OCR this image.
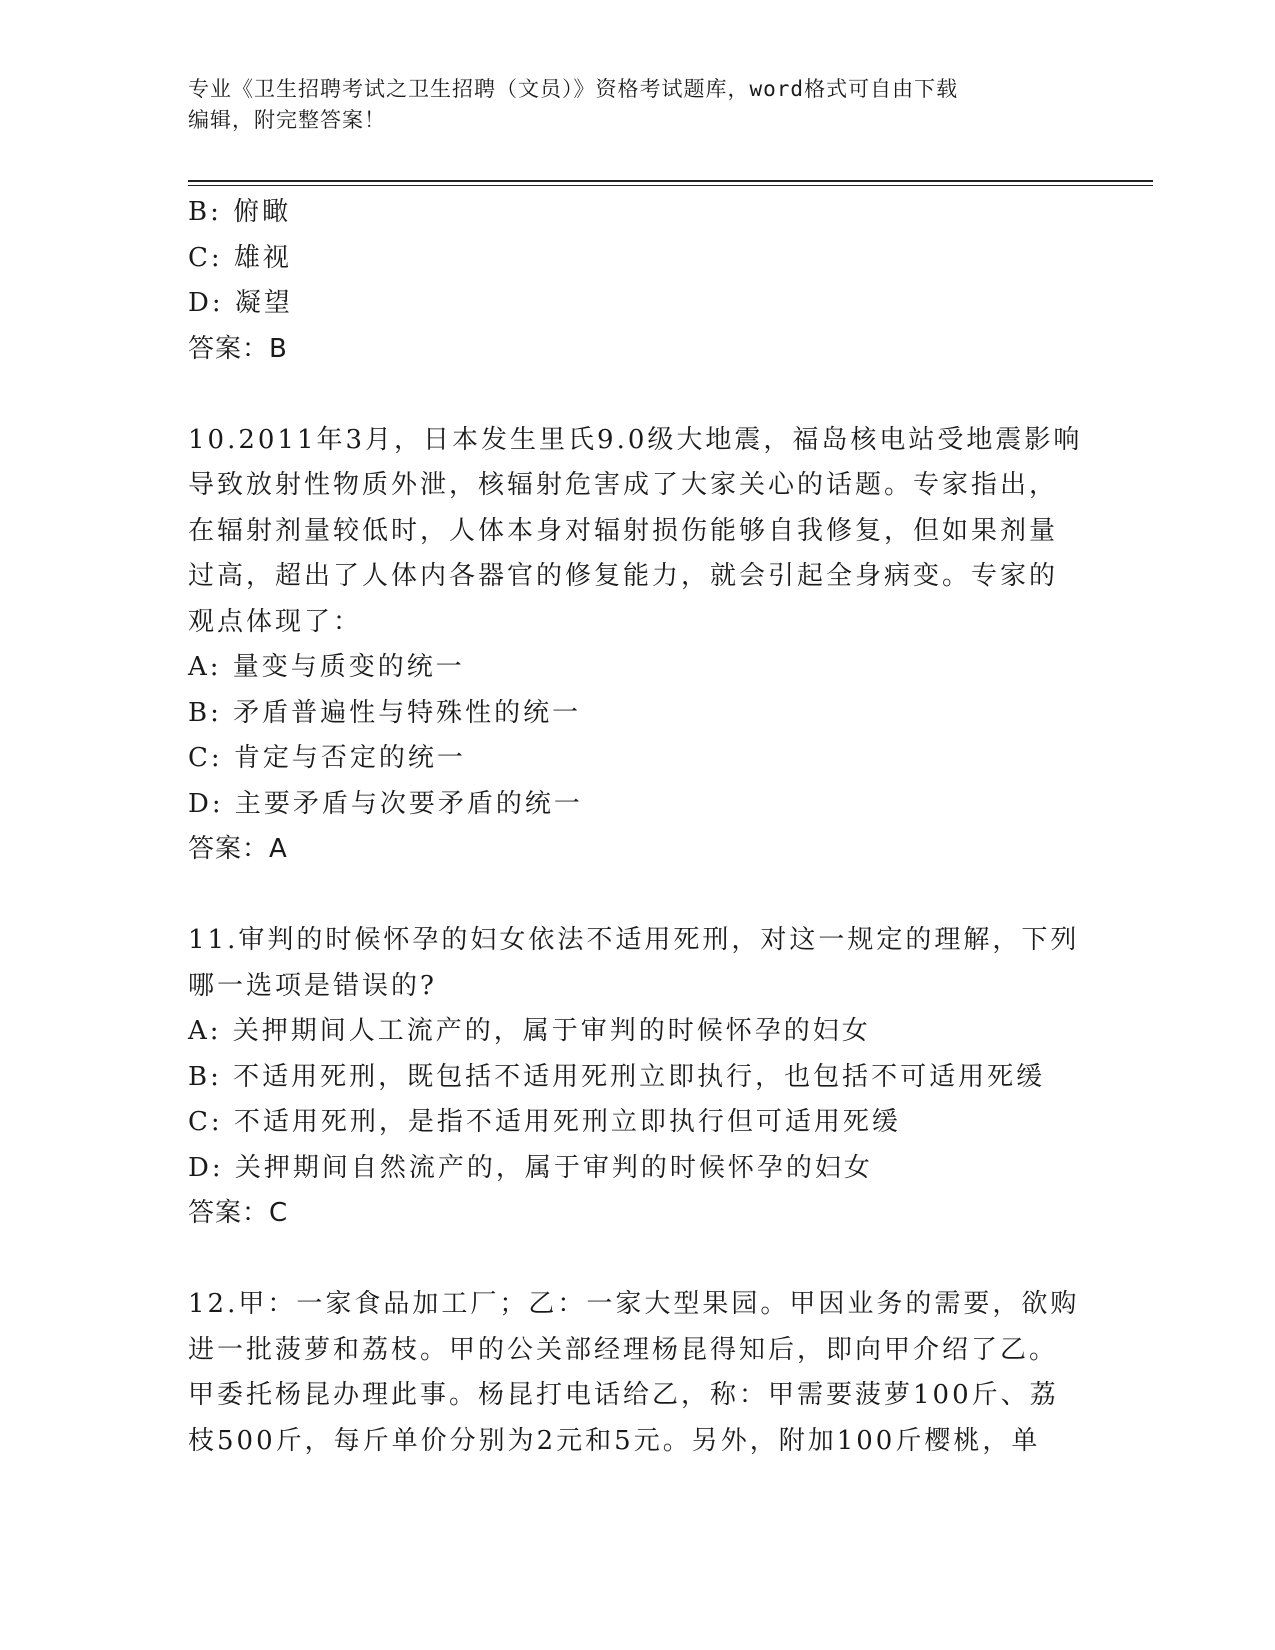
专业《卫生招聘考试之卫生招聘（文员）》资格考试题库，word格式可自由下载
编辑，附完整答案！
B: 俯瞰
C: 雄视
D: 凝望
答案：B
10.2011年3月，日本发生里氏9.0级大地震，福岛核电站受地震影响
导致放射性物质外泄，核辐射危害成了大家关心的话题。专家指出，
在辐射剂量较低时，人体本身对辐射损伤能够自我修复，但如果剂量
过高，超出了人体内各器官的修复能力，就会引起全身病变。专家的
观点体现了：
A: 量变与质变的统一
B: 矛盾普遍性与特殊性的统一
C: 肯定与否定的统一
D: 主要矛盾与次要矛盾的统一
答案：A
11.审判的时候怀孕的妇女依法不适用死刑，对这一规定的理解，下列
哪一选项是错误的?
A: 关押期间人工流产的，属于审判的时候怀孕的妇女
B: 不适用死刑，既包括不适用死刑立即执行，也包括不可适用死缓
C: 不适用死刑，是指不适用死刑立即执行但可适用死缓
D: 关押期间自然流产的，属于审判的时候怀孕的妇女
答案：C
12.甲：一家食品加工厂；乙：一家大型果园。甲因业务的需要，欲购
进一批菠萝和荔枝。甲的公关部经理杨昆得知后，即向甲介绍了乙。
甲委托杨昆办理此事。杨昆打电话给乙，称：甲需要菠萝100斤、荔
枝500斤，每斤单价分别为2元和5元。另外，附加100斤樱桃，单
